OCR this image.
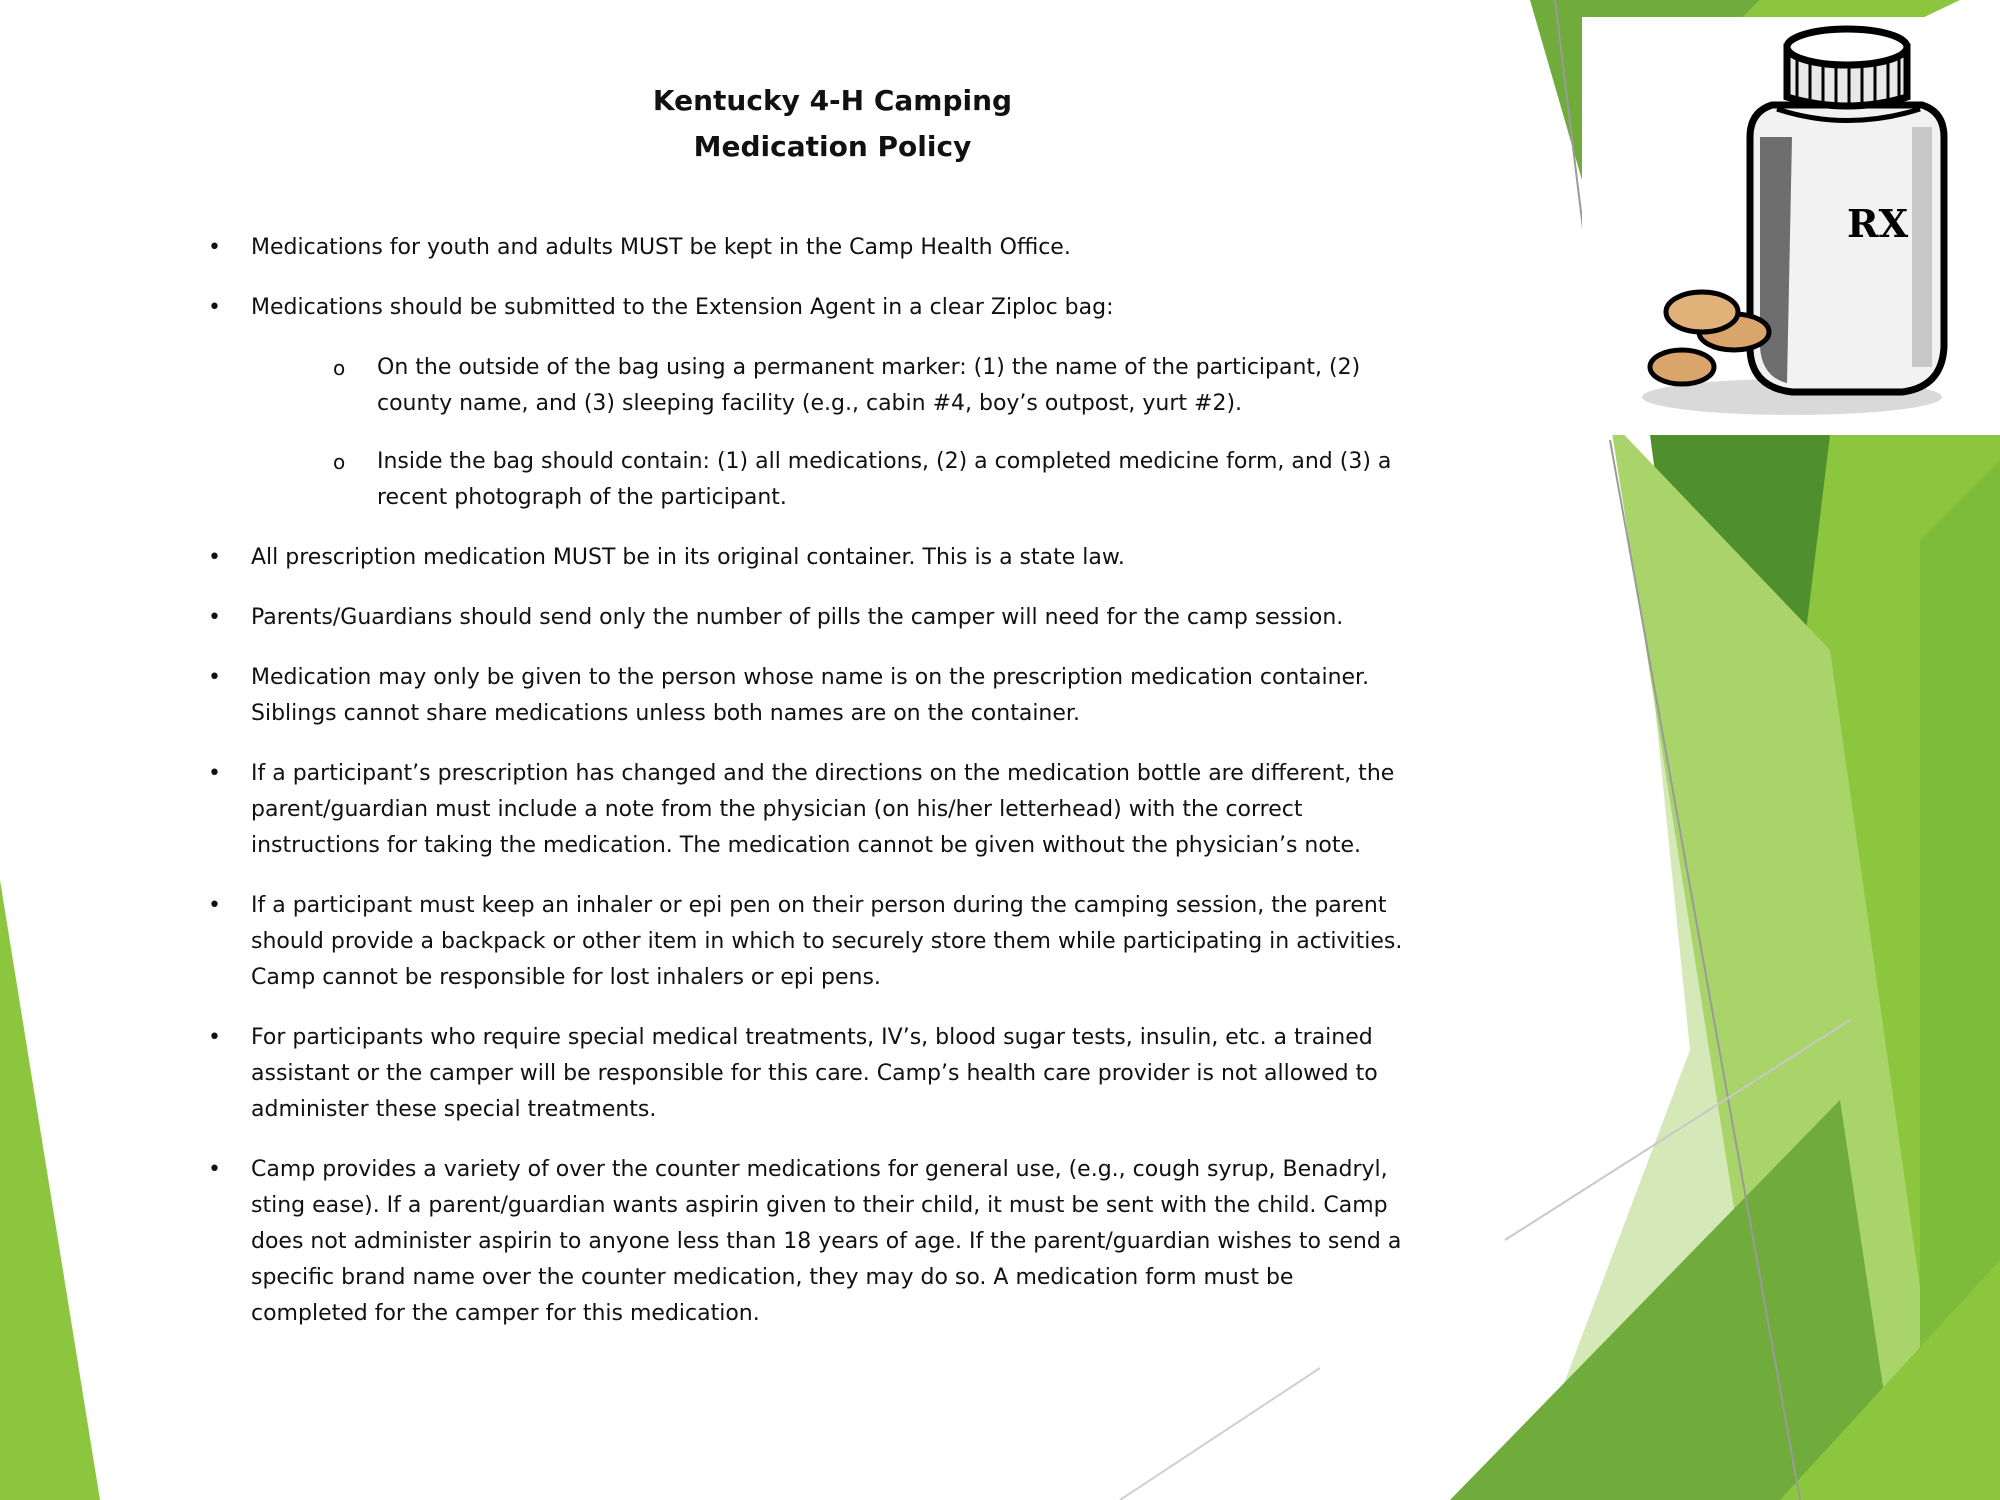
Kentucky 4-H Camping
Medication Policy
RX
• Medications for youth and adults MUST be kept in the Camp Health Office.
• Medications should be submitted to the Extension Agent in a clear Ziploc bag:
o On the outside of the bag using a permanent marker: (1) the name of the participant, (2) county name, and (3) sleeping facility (e.g., cabin #4, boy’s outpost, yurt #2).
o Inside the bag should contain: (1) all medications, (2) a completed medicine form, and (3) a recent photograph of the participant.
• All prescription medication MUST be in its original container. This is a state law.
• Parents/Guardians should send only the number of pills the camper will need for the camp session.
• Medication may only be given to the person whose name is on the prescription medication container. Siblings cannot share medications unless both names are on the container.
• If a participant’s prescription has changed and the directions on the medication bottle are different, the parent/guardian must include a note from the physician (on his/her letterhead) with the correct instructions for taking the medication. The medication cannot be given without the physician’s note.
• If a participant must keep an inhaler or epi pen on their person during the camping session, the parent should provide a backpack or other item in which to securely store them while participating in activities. Camp cannot be responsible for lost inhalers or epi pens.
• For participants who require special medical treatments, IV’s, blood sugar tests, insulin, etc. a trained assistant or the camper will be responsible for this care. Camp’s health care provider is not allowed to administer these special treatments.
• Camp provides a variety of over the counter medications for general use, (e.g., cough syrup, Benadryl, sting ease). If a parent/guardian wants aspirin given to their child, it must be sent with the child. Camp does not administer aspirin to anyone less than 18 years of age. If the parent/guardian wishes to send a specific brand name over the counter medication, they may do so. A medication form must be completed for the camper for this medication.
